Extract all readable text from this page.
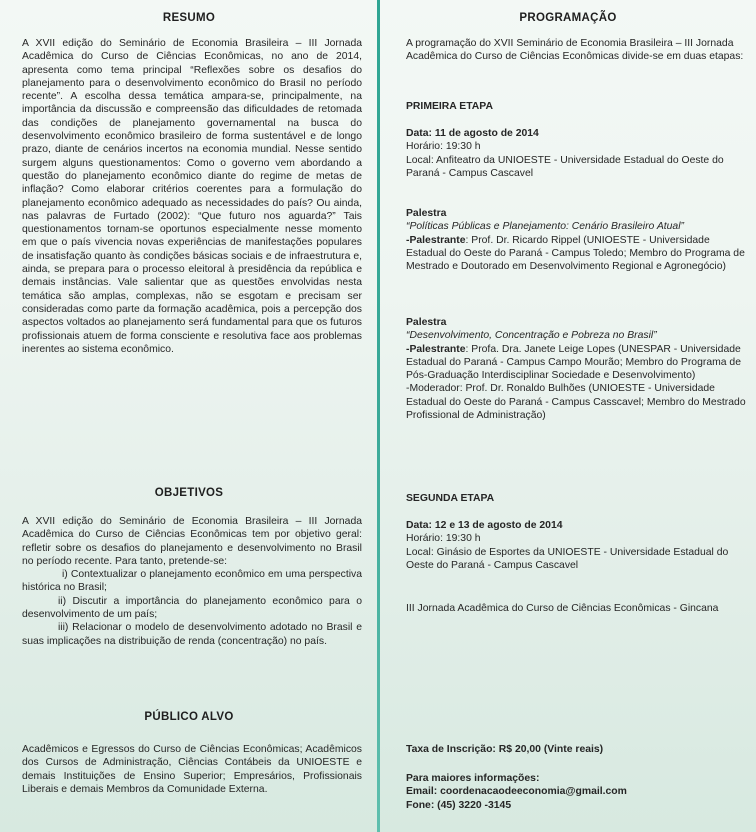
RESUMO
A XVII edição do Seminário de Economia Brasileira – III Jornada Acadêmica do Curso de Ciências Econômicas, no ano de 2014, apresenta como tema principal “Reflexões sobre os desafios do planejamento para o desenvolvimento econômico do Brasil no período recente”. A escolha dessa temática ampara-se, principalmente, na importância da discussão e compreensão das dificuldades de retomada das condições de planejamento governamental na busca do desenvolvimento econômico brasileiro de forma sustentável e de longo prazo, diante de cenários incertos na economia mundial. Nesse sentido surgem alguns questionamentos: Como o governo vem abordando a questão do planejamento econômico diante do regime de metas de inflação? Como elaborar critérios coerentes para a formulação do planejamento econômico adequado as necessidades do país? Ou ainda, nas palavras de Furtado (2002): “Que futuro nos aguarda?” Tais questionamentos tornam-se oportunos especialmente nesse momento em que o país vivencia novas experiências de manifestações populares de insatisfação quanto às condições básicas sociais e de infraestrutura e, ainda, se prepara para o processo eleitoral à presidência da república e demais instâncias. Vale salientar que as questões envolvidas nesta temática são amplas, complexas, não se esgotam e precisam ser consideradas como parte da formação acadêmica, pois a percepção dos aspectos voltados ao planejamento será fundamental para que os futuros profissionais atuem de forma consciente e resolutiva face aos problemas inerentes ao sistema econômico.
OBJETIVOS

A XVII edição do Seminário de Economia Brasileira – III Jornada Acadêmica do Curso de Ciências Econômicas tem por objetivo geral: refletir sobre os desafios do planejamento e desenvolvimento no Brasil no período recente. Para tanto, pretende-se:

i) Contextualizar o planejamento econômico em uma perspectiva histórica no Brasil;

ii) Discutir a importância do planejamento econômico para o desenvolvimento de um país;

iii) Relacionar o modelo de desenvolvimento adotado no Brasil e suas implicações na distribuição de renda (concentração) no país.

PÚBLICO ALVO
Acadêmicos e Egressos do Curso de Ciências Econômicas; Acadêmicos dos Cursos de Administração, Ciências Contábeis da UNIOESTE e demais Instituições de Ensino Superior; Empresários, Profissionais Liberais e demais Membros da Comunidade Externa.
PROGRAMAÇÃO
A programação do XVII Seminário de Economia Brasileira – III Jornada Acadêmica do Curso de Ciências Econômicas divide-se em duas etapas:
PRIMEIRA ETAPA

Data: 11 de agosto de 2014

Horário: 19:30 h

Local: Anfiteatro da UNIOESTE - Universidade Estadual do Oeste do Paraná - Campus Cascavel

Palestra

“Políticas Públicas e Planejamento: Cenário Brasileiro Atual”

-Palestrante: Prof. Dr. Ricardo Rippel (UNIOESTE - Universidade Estadual do Oeste do Paraná - Campus Toledo; Membro do Programa de Mestrado e Doutorado em Desenvolvimento Regional e Agronegócio)

Palestra

“Desenvolvimento, Concentração e Pobreza no Brasil”

-Palestrante: Profa. Dra. Janete Leige Lopes (UNESPAR - Universidade Estadual do Paraná - Campus Campo Mourão; Membro do Programa de Pós-Graduação Interdisciplinar Sociedade e Desenvolvimento)

-Moderador: Prof. Dr. Ronaldo Bulhões (UNIOESTE - Universidade Estadual do Oeste do Paraná - Campus Casscavel; Membro do Mestrado Profissional de Administração)

SEGUNDA ETAPA

Data: 12 e 13 de agosto de 2014

Horário: 19:30 h

Local: Ginásio de Esportes da UNIOESTE - Universidade Estadual do Oeste do Paraná - Campus Cascavel

III Jornada Acadêmica do Curso de Ciências Econômicas - Gincana
Taxa de Inscrição: R$ 20,00 (Vinte reais)

Para maiores informações:

Email: coordenacaodeeconomia@gmail.com

Fone: (45) 3220 -3145
